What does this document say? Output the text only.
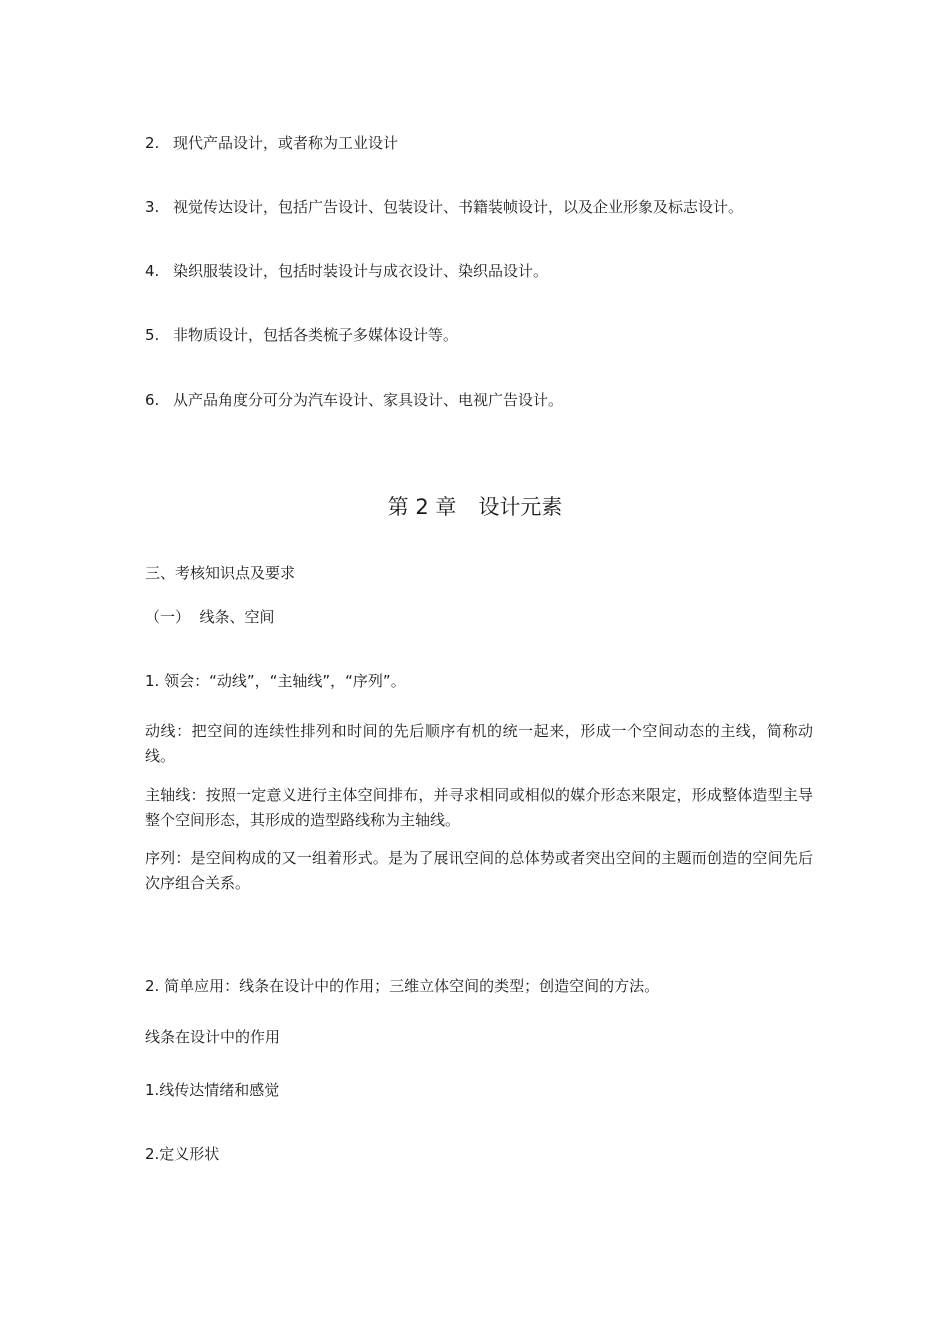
2. 现代产品设计，或者称为工业设计
3. 视觉传达设计，包括广告设计、包装设计、书籍装帧设计，以及企业形象及标志设计。
4. 染织服装设计，包括时装设计与成衣设计、染织品设计。
5. 非物质设计，包括各类梳子多媒体设计等。
6. 从产品角度分可分为汽车设计、家具设计、电视广告设计。
第 2 章 设计元素
三、考核知识点及要求
（一）  线条、空间
1. 领会：“动线”，“主轴线”，“序列”。
动线：把空间的连续性排列和时间的先后顺序有机的统一起来，形成一个空间动态的主线，简称动线。
主轴线：按照一定意义进行主体空间排布，并寻求相同或相似的媒介形态来限定，形成整体造型主导整个空间形态，其形成的造型路线称为主轴线。
序列：是空间构成的又一组着形式。是为了展讯空间的总体势或者突出空间的主题而创造的空间先后次序组合关系。
2. 简单应用：线条在设计中的作用；三维立体空间的类型；创造空间的方法。
线条在设计中的作用
1.线传达情绪和感觉
2.定义形状
